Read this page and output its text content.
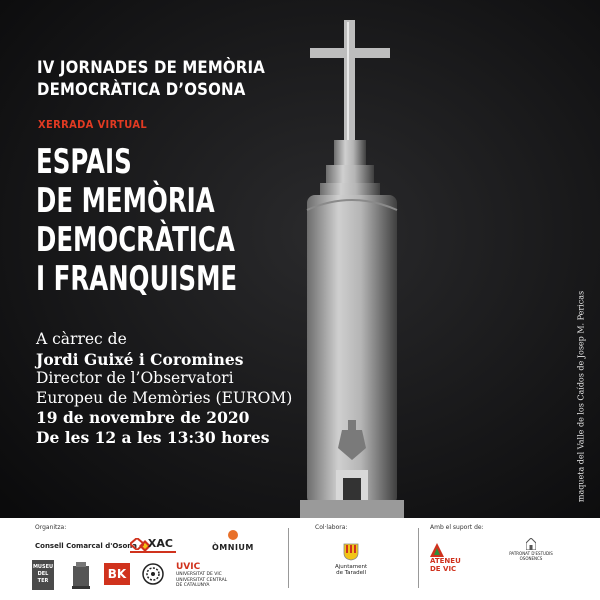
IV JORNADES DE MEMÒRIA
DEMOCRÀTICA D’OSONA
XERRADA VIRTUAL
ESPAIS
DE MEMÒRIA
DEMOCRÀTICA
I FRANQUISME
A càrrec de
Jordi Guixé i Coromines
Director de l’Observatori
Europeu de Memòries (EUROM)
19 de novembre de 2020
De les 12 a les 13:30 hores	maqueta del Valle de los Caídos de Josep M. Pericas
Organitza:	Col·labora:	Amb el suport de:
Consell Comarcal d'Osona XAC	ÒMNIUM
MUSEU
DEL TER	BK	UVIC
UNIVERSITAT DE VIC
UNIVERSITAT CENTRAL
DE CATALUNYA
Ajuntament
de Taradell
ATENEU
DE VIC
PATRONAT D'ESTUDIS OSONENCS
